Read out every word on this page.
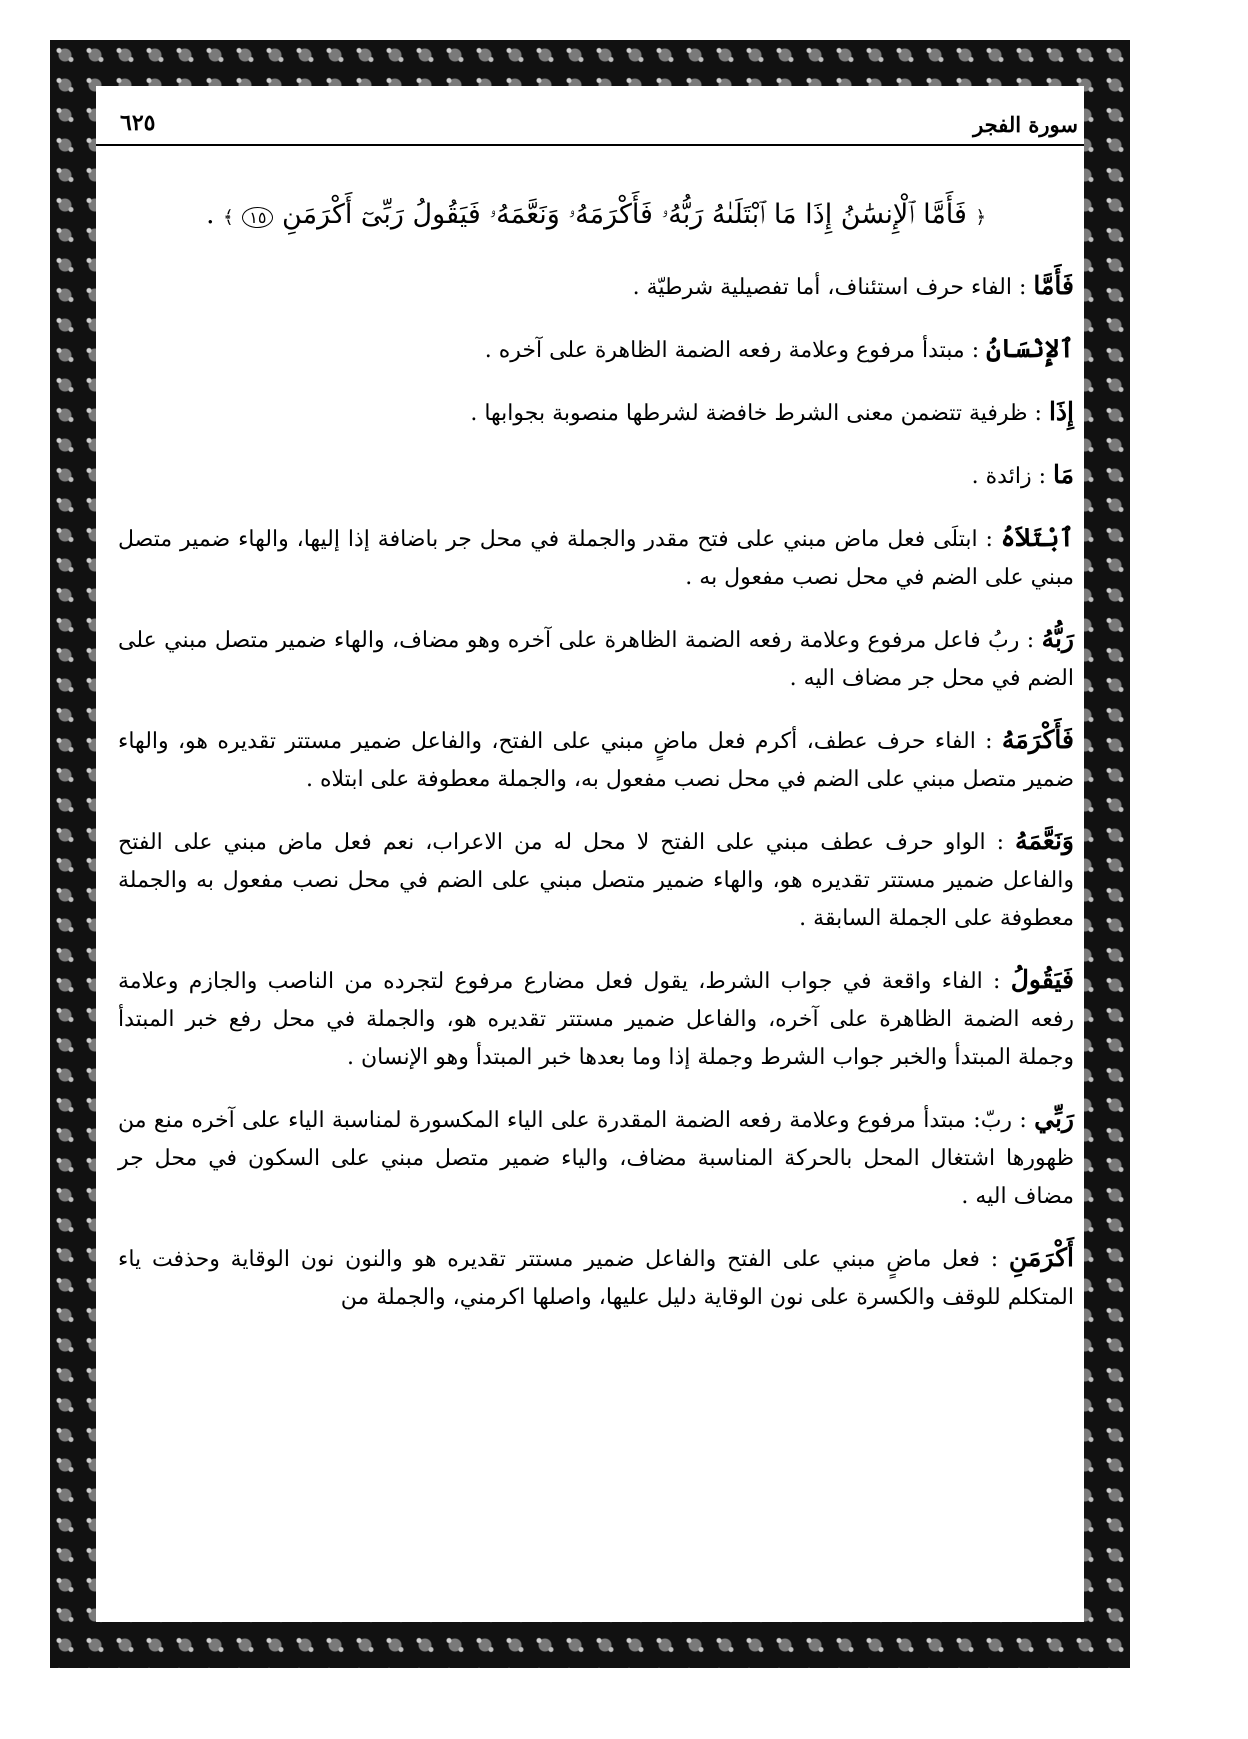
سورة الفجر
٦٢٥

﴿ فَأَمَّا ٱلْإِنسَٰنُ إِذَا مَا ٱبْتَلَىٰهُ رَبُّهُۥ فَأَكْرَمَهُۥ وَنَعَّمَهُۥ فَيَقُولُ رَبِّىٓ أَكْرَمَنِ ١٥ ﴾ .

فَأَمَّا : الفاء حرف استئناف، أما تفصيلية شرطيّة .

ٱلإِنْسَانُ : مبتدأ مرفوع وعلامة رفعه الضمة الظاهرة على آخره .

إِذَا : ظرفية تتضمن معنى الشرط خافضة لشرطها منصوبة بجوابها .

مَا : زائدة .

ٱبْتَلاَهُ : ابتلَى فعل ماض مبني على فتح مقدر والجملة في محل جر باضافة إذا إليها، والهاء ضمير متصل مبني على الضم في محل نصب مفعول به .

رَبُّهُ : ربُ فاعل مرفوع وعلامة رفعه الضمة الظاهرة على آخره وهو مضاف، والهاء ضمير متصل مبني على الضم في محل جر مضاف اليه .

فَأَكْرَمَهُ : الفاء حرف عطف، أكرم فعل ماضٍ مبني على الفتح، والفاعل ضمير مستتر تقديره هو، والهاء ضمير متصل مبني على الضم في محل نصب مفعول به، والجملة معطوفة على ابتلاه .

وَنَعَّمَهُ : الواو حرف عطف مبني على الفتح لا محل له من الاعراب، نعم فعل ماض مبني على الفتح والفاعل ضمير مستتر تقديره هو، والهاء ضمير متصل مبني على الضم في محل نصب مفعول به والجملة معطوفة على الجملة السابقة .

فَيَقُولُ : الفاء واقعة في جواب الشرط، يقول فعل مضارع مرفوع لتجرده من الناصب والجازم وعلامة رفعه الضمة الظاهرة على آخره، والفاعل ضمير مستتر تقديره هو، والجملة في محل رفع خبر المبتدأ وجملة المبتدأ والخبر جواب الشرط وجملة إذا وما بعدها خبر المبتدأ وهو الإنسان .

رَبِّي : ربّ: مبتدأ مرفوع وعلامة رفعه الضمة المقدرة على الياء المكسورة لمناسبة الياء على آخره منع من ظهورها اشتغال المحل بالحركة المناسبة مضاف، والياء ضمير متصل مبني على السكون في محل جر مضاف اليه .

أَكْرَمَنِ : فعل ماضٍ مبني على الفتح والفاعل ضمير مستتر تقديره هو والنون نون الوقاية وحذفت ياء المتكلم للوقف والكسرة على نون الوقاية دليل عليها، واصلها اكرمني، والجملة من
